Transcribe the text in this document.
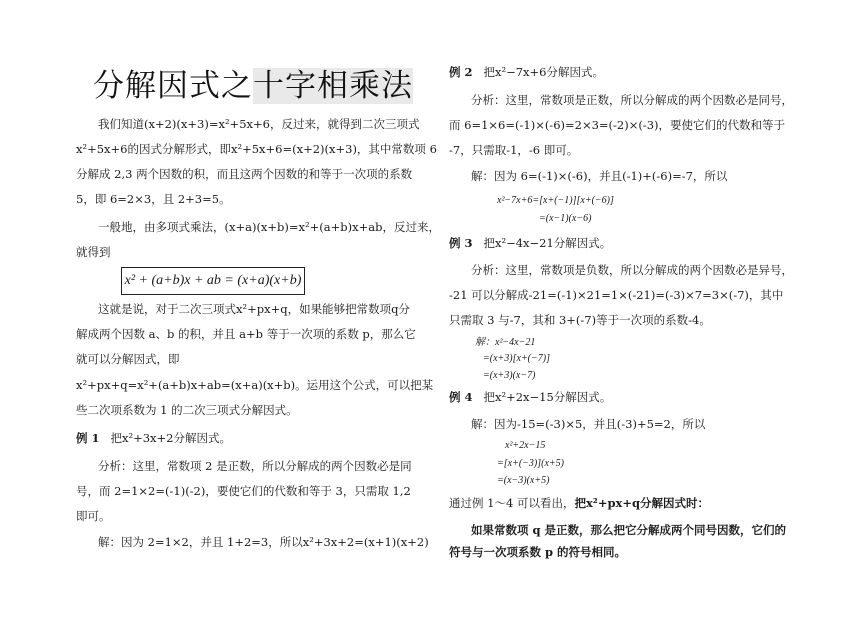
分解因式之十字相乘法
我们知道(x+2)(x+3)=x²+5x+6，反过来，就得到二次三项式
x²+5x+6的因式分解形式，即x²+5x+6=(x+2)(x+3)，其中常数项 6
分解成 2,3 两个因数的积，而且这两个因数的和等于一次项的系数
5，即 6=2×3，且 2+3=5。
一般地，由多项式乘法，(x+a)(x+b)=x²+(a+b)x+ab，反过来，
就得到
这就是说，对于二次三项式x²+px+q，如果能够把常数项q分
解成两个因数 a、b 的积，并且 a+b 等于一次项的系数 p，那么它
就可以分解因式，即
x²+px+q=x²+(a+b)x+ab=(x+a)(x+b)。运用这个公式，可以把某
些二次项系数为 1 的二次三项式分解因式。
例 1 把x²+3x+2分解因式。
分析：这里，常数项 2 是正数，所以分解成的两个因数必是同
号，而 2=1×2=(-1)(-2)，要使它们的代数和等于 3，只需取 1,2
即可。
解：因为 2=1×2，并且 1+2=3，所以x²+3x+2=(x+1)(x+2)
x² + (a+b)x + ab = (x+a)(x+b)
例 2 把x²−7x+6分解因式。
分析：这里，常数项是正数，所以分解成的两个因数必是同号，
而 6=1×6=(-1)×(-6)=2×3=(-2)×(-3)，要使它们的代数和等于
-7，只需取-1，-6 即可。
解：因为 6=(-1)×(-6)，并且(-1)+(-6)=-7，所以
x²−7x+6=[x+(−1)][x+(−6)]
=(x−1)(x−6)
例 3 把x²−4x−21分解因式。
分析：这里，常数项是负数，所以分解成的两个因数必是异号，
-21 可以分解成-21=(-1)×21=1×(-21)=(-3)×7=3×(-7)，其中
只需取 3 与-7，其和 3+(-7)等于一次项的系数-4。
解：x²−4x−21
=(x+3)[x+(−7)]
=(x+3)(x−7)
例 4 把x²+2x−15分解因式。
解：因为-15=(-3)×5，并且(-3)+5=2，所以
x²+2x−15
=[x+(−3)](x+5)
=(x−3)(x+5)
通过例 1～4 可以看出，把x²+px+q分解因式时：
如果常数项 q 是正数，那么把它分解成两个同号因数，它们的
符号与一次项系数 p 的符号相同。
